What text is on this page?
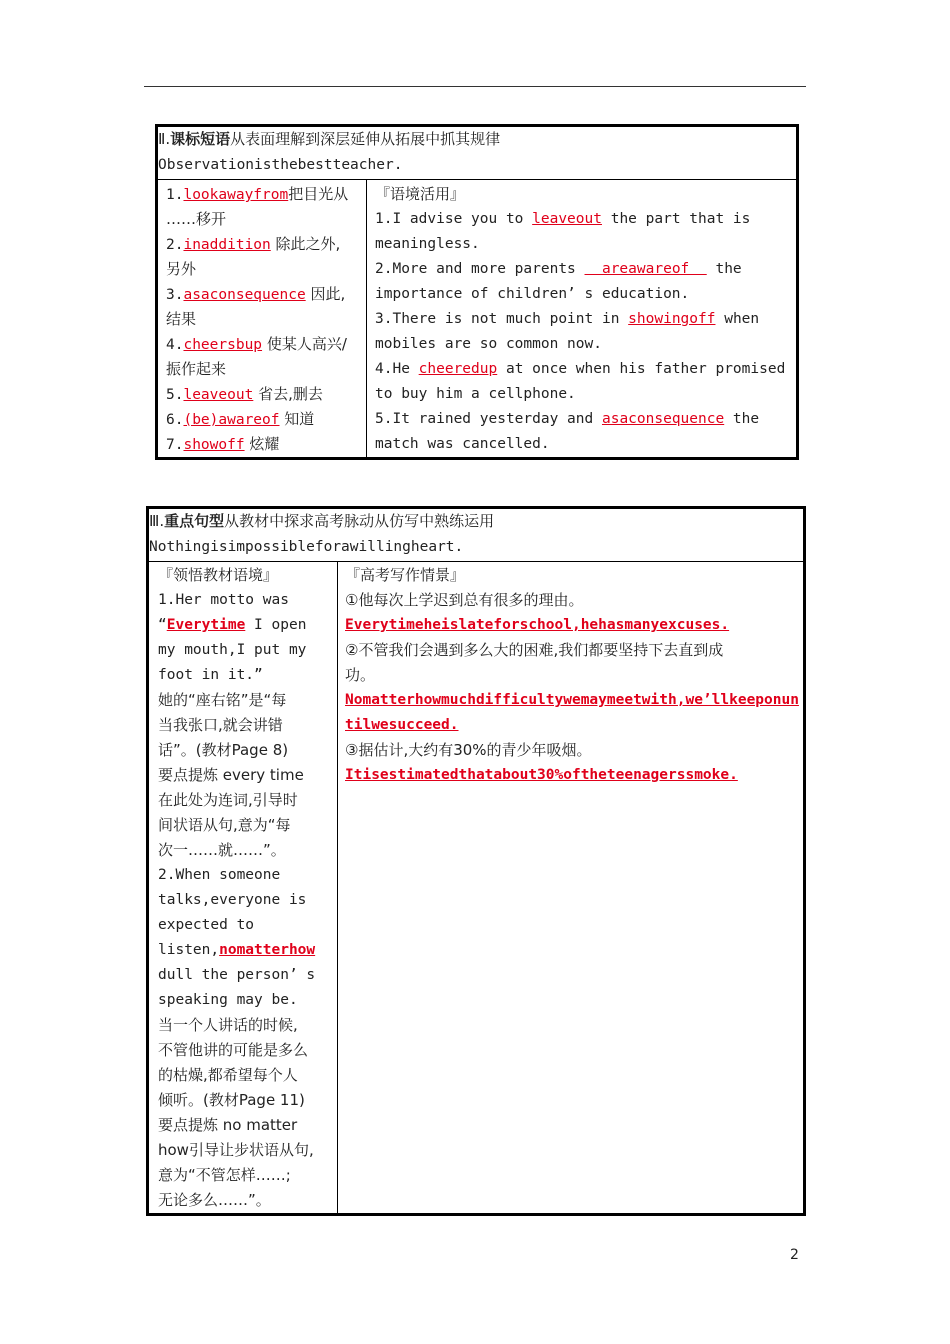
Ⅱ.课标短语从表面理解到深层延伸从拓展中抓其规律
Observationisthebestteacher.

1.lookawayfrom把目光从
……移开
2.inaddition 除此之外,
另外
3.asaconsequence 因此,
结果
4.cheersbup 使某人高兴/
振作起来
5.leaveout 省去,删去
6.(be)awareof 知道
7.showoff 炫耀

『语境活用』
1.I advise you to leaveout the part that is
meaningless.
2.More and more parents   areawareof   the
importance of children’ s education.
3.There is not much point in showingoff when
mobiles are so common now.
4.He cheeredup at once when his father promised
to buy him a cellphone.
5.It rained yesterday and asaconsequence the
match was cancelled.
Ⅲ.重点句型从教材中探求高考脉动从仿写中熟练运用
Nothingisimpossibleforawillingheart.

『领悟教材语境』
1.Her motto was
“Everytime I open
my mouth,I put my
foot in it.”
她的“座右铭”是“每
当我张口,就会讲错
话”。(教材Page 8)
要点提炼 every time
在此处为连词,引导时
间状语从句,意为“每
次一……就……”。
2.When someone
talks,everyone is
expected to
listen,nomatterhow
dull the person’ s
speaking may be.
当一个人讲话的时候,
不管他讲的可能是多么
的枯燥,都希望每个人
倾听。(教材Page 11)
要点提炼 no matter
how引导让步状语从句,
意为“不管怎样……;
无论多么……”。

『高考写作情景』
①他每次上学迟到总有很多的理由。
Everytimeheislateforschool,hehasmanyexcuses.
②不管我们会遇到多么大的困难,我们都要坚持下去直到成
功。
Nomatterhowmuchdifficultywemaymeetwith,we’llkeeponun
tilwesucceed.
③据估计,大约有30%的青少年吸烟。
Itisestimatedthatabout30%oftheteenagerssmoke.
2
